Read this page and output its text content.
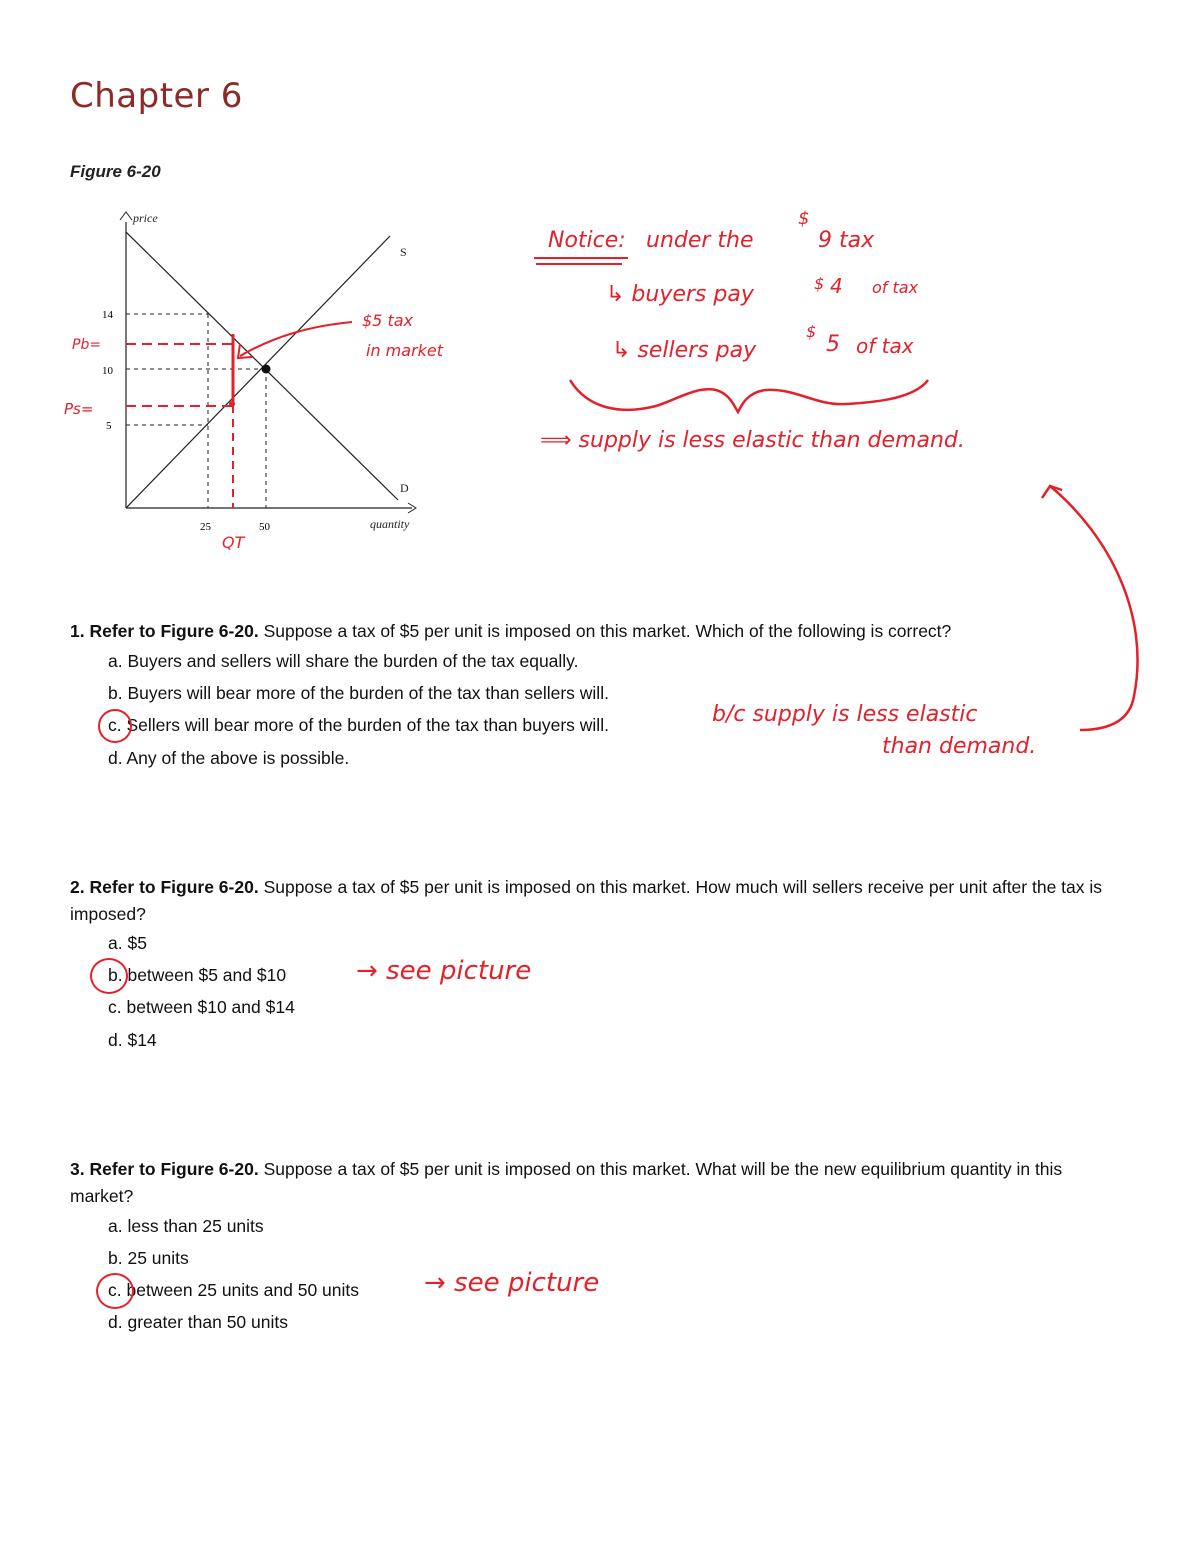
Chapter 6
Figure 6-20
price
quantity
S
D
14
10
5
25	50
Pb=
Ps=
QT
$5 tax
in market
Notice: under the
$
9 tax
↳ buyers pay	$ 4 of tax
↳ sellers pay
$
5 of tax
⟹ supply is less elastic than demand.
1. Refer to Figure 6-20. Suppose a tax of $5 per unit is imposed on this market. Which of the following is correct?
a. Buyers and sellers will share the burden of the tax equally.
b. Buyers will bear more of the burden of the tax than sellers will.
c. Sellers will bear more of the burden of the tax than buyers will.
d. Any of the above is possible.
b/c supply is less elastic
than demand.
2. Refer to Figure 6-20. Suppose a tax of $5 per unit is imposed on this market. How much will sellers receive per unit after the tax is imposed?
a. $5
b. between $5 and $10
c. between $10 and $14
d. $14
→ see picture
3. Refer to Figure 6-20. Suppose a tax of $5 per unit is imposed on this market. What will be the new equilibrium quantity in this market?
a. less than 25 units
b. 25 units
c. between 25 units and 50 units
d. greater than 50 units
→ see picture
